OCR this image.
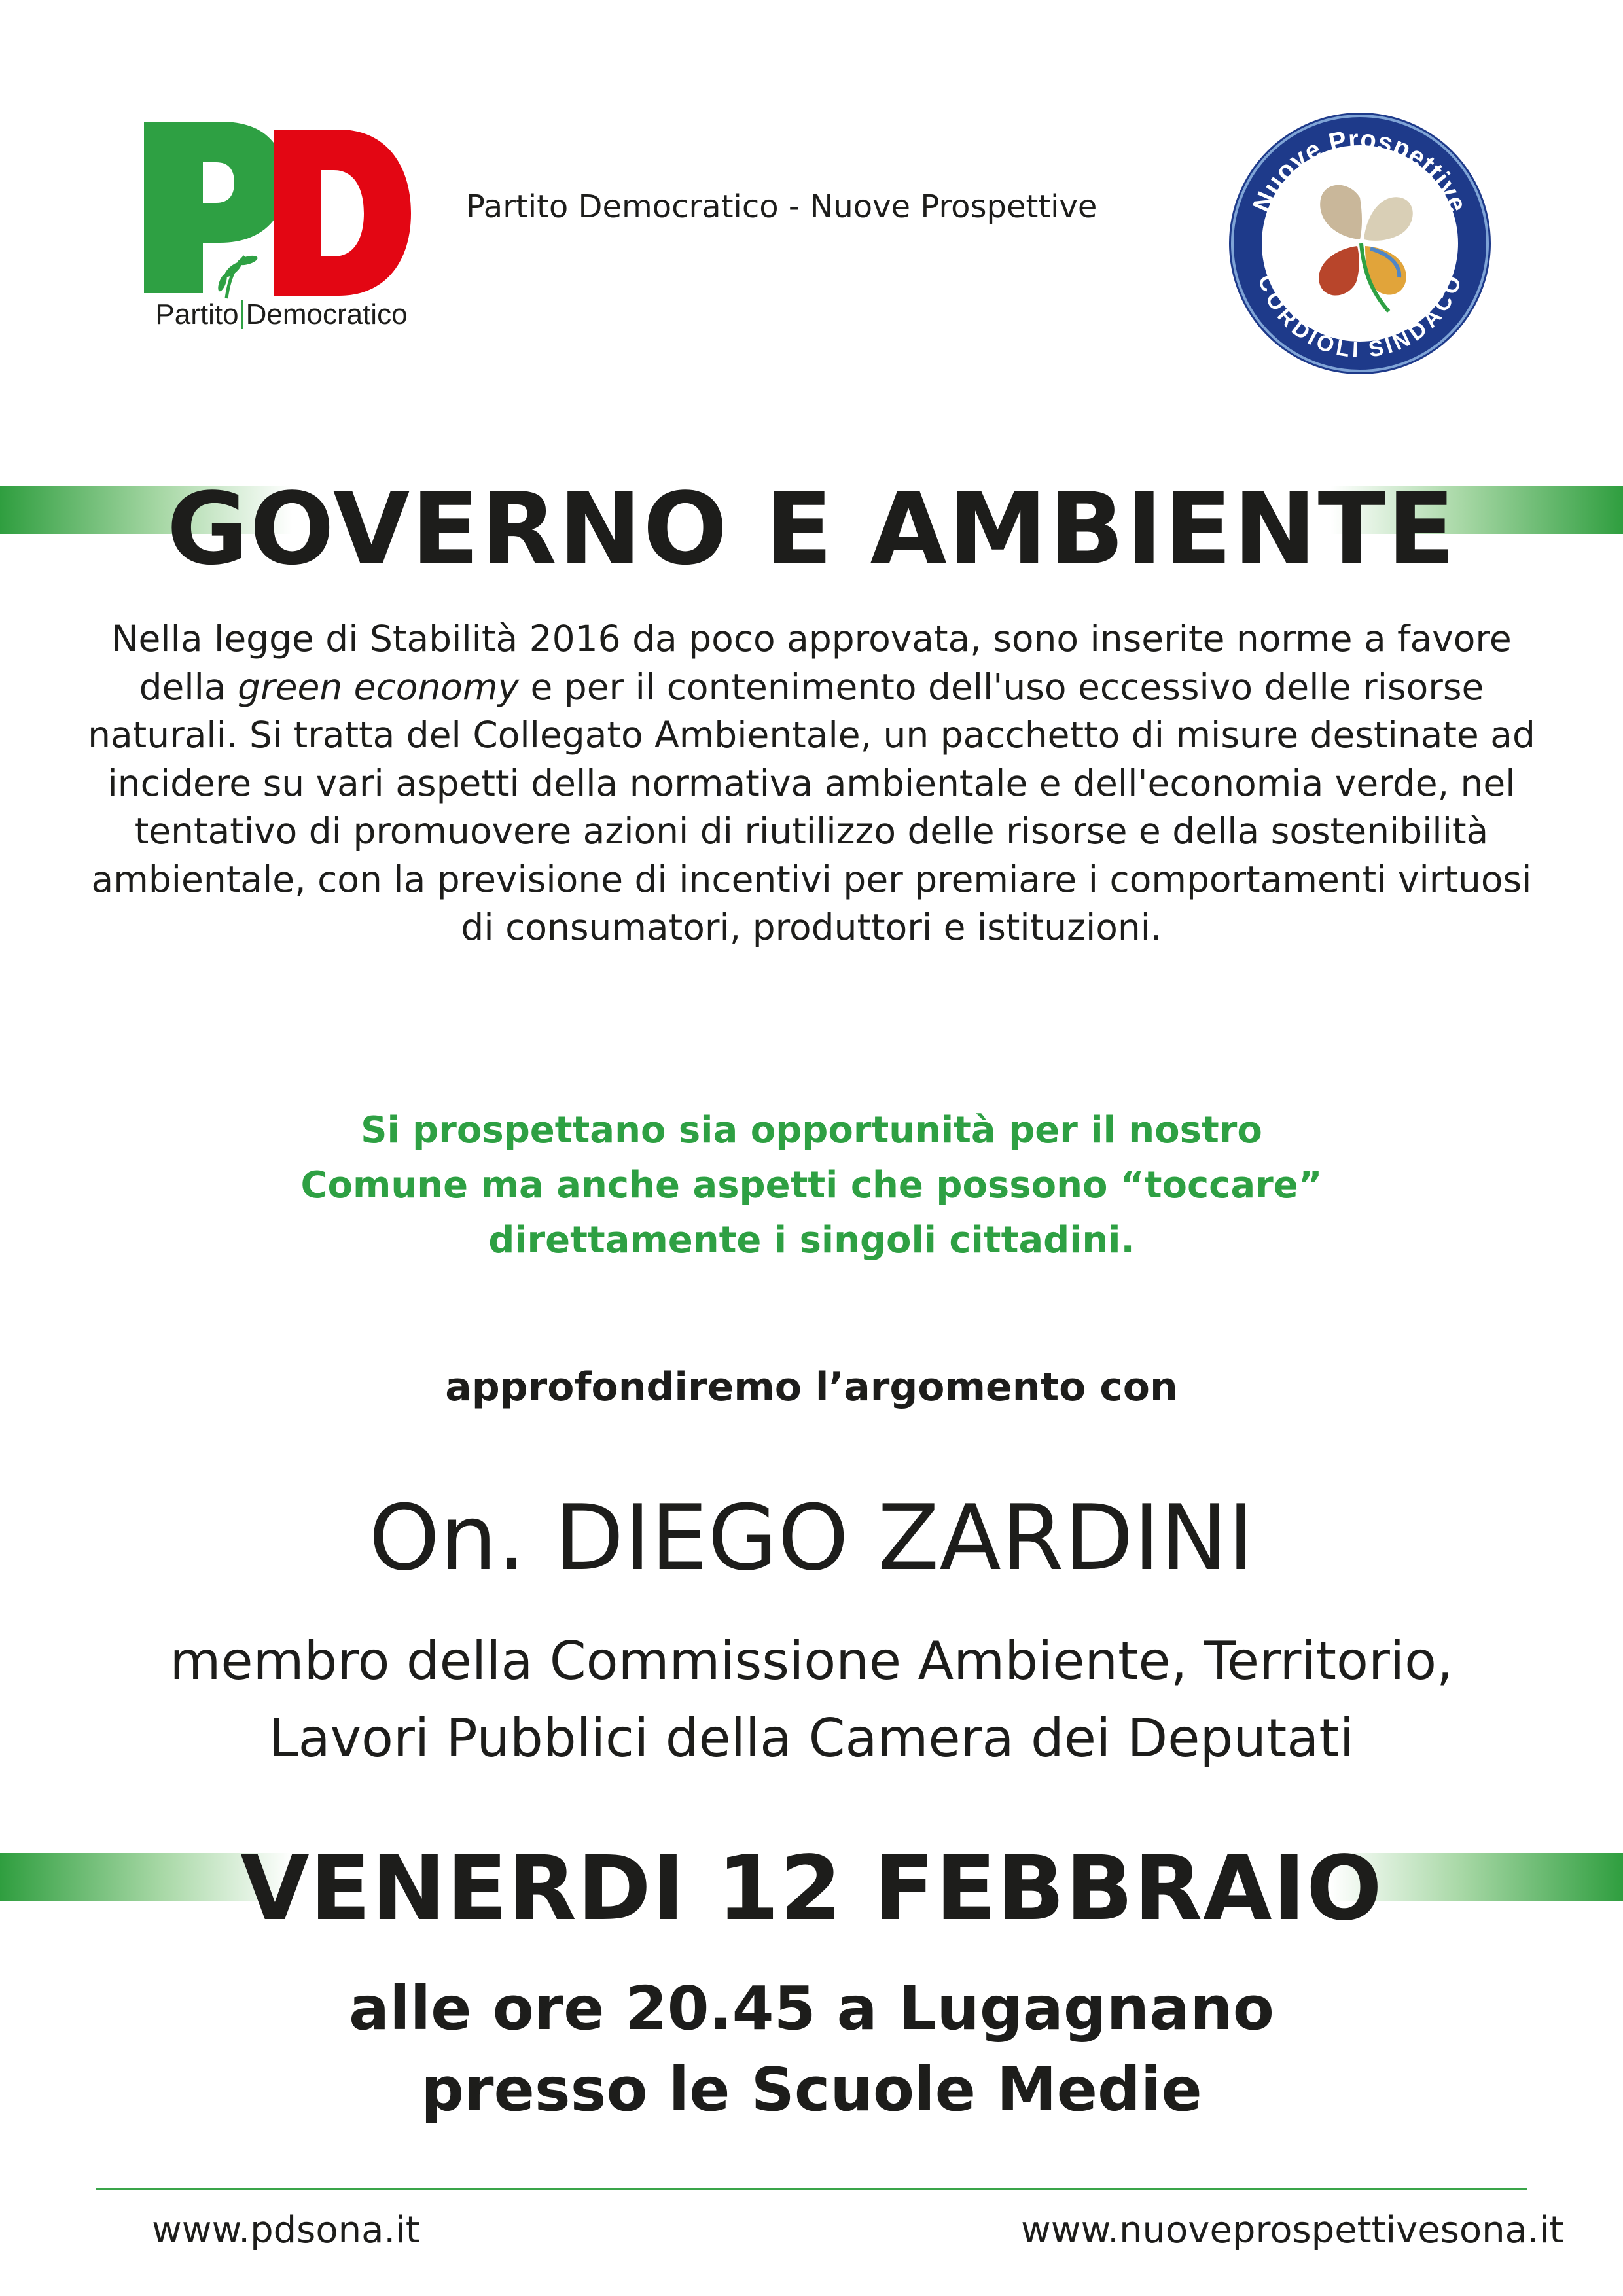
Partito Democratico
Partito Democratico - Nuove Prospettive	Nuove Prospettive
CORDIOLI SINDACO
GOVERNO E AMBIENTE
Nella legge di Stabilità 2016 da poco approvata, sono inserite norme a favore della green economy e per il contenimento dell'uso eccessivo delle risorse naturali. Si tratta del Collegato Ambientale, un pacchetto di misure destinate ad incidere su vari aspetti della normativa ambientale e dell'economia verde, nel tentativo di promuovere azioni di riutilizzo delle risorse e della sostenibilità ambientale, con la previsione di incentivi per premiare i comportamenti virtuosi di consumatori, produttori e istituzioni.
Si prospettano sia opportunità per il nostro
Comune ma anche aspetti che possono “toccare”
direttamente i singoli cittadini.
approfondiremo l’argomento con
On. DIEGO ZARDINI
membro della Commissione Ambiente, Territorio,
Lavori Pubblici della Camera dei Deputati
VENERDI 12 FEBBRAIO
alle ore 20.45 a Lugagnano
presso le Scuole Medie
www.pdsona.it	www.nuoveprospettivesona.it
